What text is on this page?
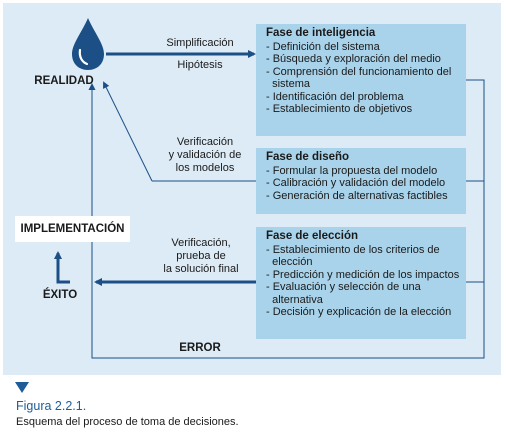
Fase de inteligencia
- Definición del sistema
- Búsqueda y exploración del medio
- Comprensión del funcionamiento del
sistema
- Identificación del problema
- Establecimiento de objetivos
Fase de diseño
- Formular la propuesta del modelo
- Calibración y validación del modelo
- Generación de alternativas factibles
Fase de elección
- Establecimiento de los criterios de
elección
- Predicción y medición de los impactos
- Evaluación y selección de una
alternativa
- Decisión y explicación de la elección
REALIDAD
IMPLEMENTACIÓN
ÉXITO
ERROR
Simplificación
Hipótesis
Verificación
y validación de
los modelos
Verificación,
prueba de
la solución final
Figura 2.2.1.
Esquema del proceso de toma de decisiones.
